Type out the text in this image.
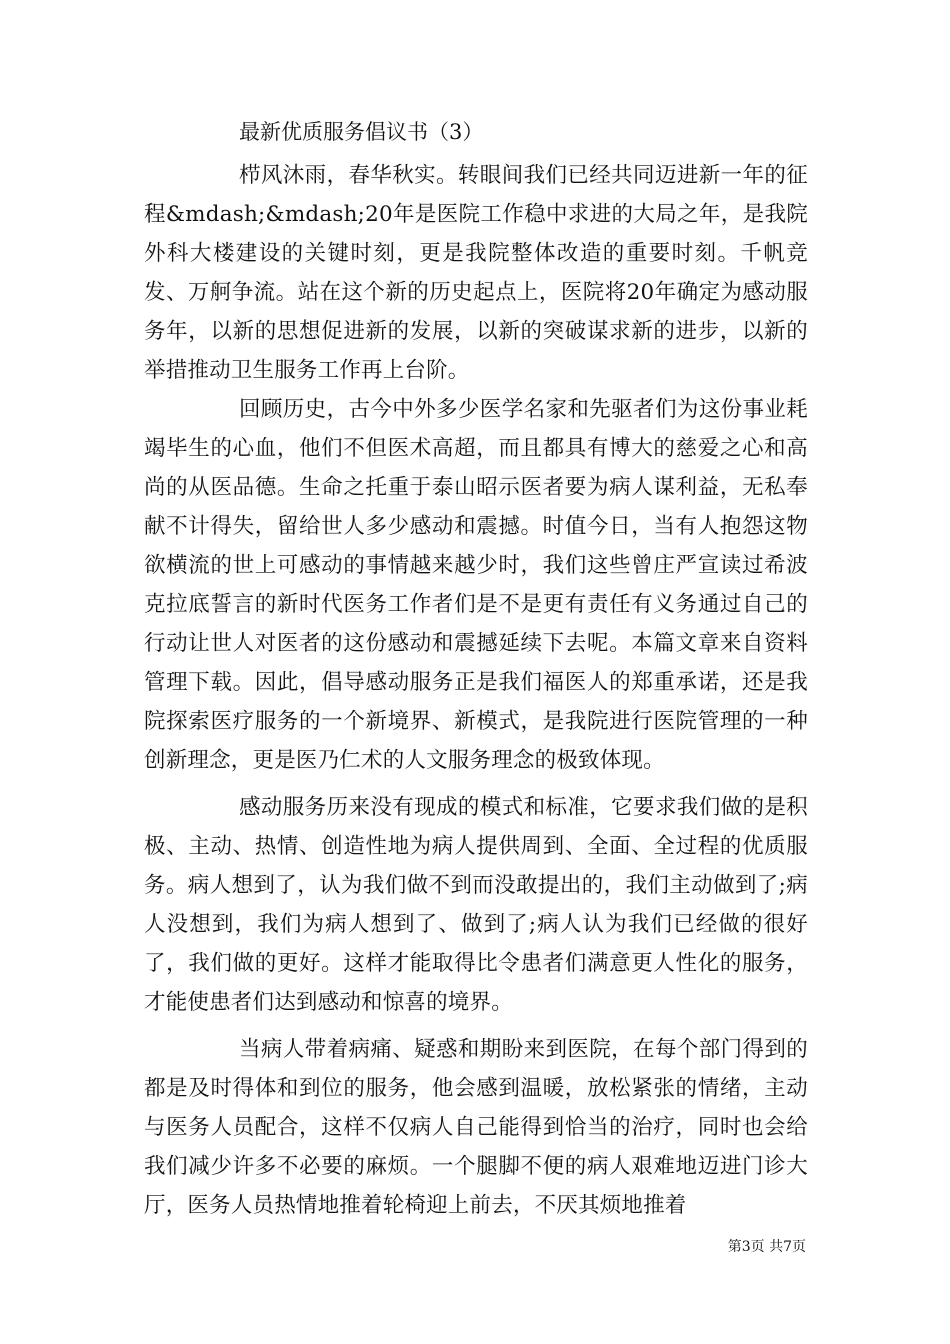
最新优质服务倡议书（3）

栉风沐雨，春华秋实。转眼间我们已经共同迈进新一年的征程&mdash;&mdash;20年是医院工作稳中求进的大局之年，是我院外科大楼建设的关键时刻，更是我院整体改造的重要时刻。千帆竞发、万舸争流。站在这个新的历史起点上，医院将20年确定为感动服务年，以新的思想促进新的发展，以新的突破谋求新的进步，以新的举措推动卫生服务工作再上台阶。

回顾历史，古今中外多少医学名家和先驱者们为这份事业耗竭毕生的心血，他们不但医术高超，而且都具有博大的慈爱之心和高尚的从医品德。生命之托重于泰山昭示医者要为病人谋利益，无私奉献不计得失，留给世人多少感动和震撼。时值今日，当有人抱怨这物欲横流的世上可感动的事情越来越少时，我们这些曾庄严宣读过希波克拉底誓言的新时代医务工作者们是不是更有责任有义务通过自己的行动让世人对医者的这份感动和震撼延续下去呢。本篇文章来自资料管理下载。因此，倡导感动服务正是我们福医人的郑重承诺，还是我院探索医疗服务的一个新境界、新模式，是我院进行医院管理的一种创新理念，更是医乃仁术的人文服务理念的极致体现。

感动服务历来没有现成的模式和标准，它要求我们做的是积极、主动、热情、创造性地为病人提供周到、全面、全过程的优质服务。病人想到了，认为我们做不到而没敢提出的，我们主动做到了;病人没想到，我们为病人想到了、做到了;病人认为我们已经做的很好了，我们做的更好。这样才能取得比令患者们满意更人性化的服务，才能使患者们达到感动和惊喜的境界。

当病人带着病痛、疑惑和期盼来到医院，在每个部门得到的都是及时得体和到位的服务，他会感到温暖，放松紧张的情绪，主动与医务人员配合，这样不仅病人自己能得到恰当的治疗，同时也会给我们减少许多不必要的麻烦。一个腿脚不便的病人艰难地迈进门诊大厅，医务人员热情地推着轮椅迎上前去，不厌其烦地推着

第3页 共7页
